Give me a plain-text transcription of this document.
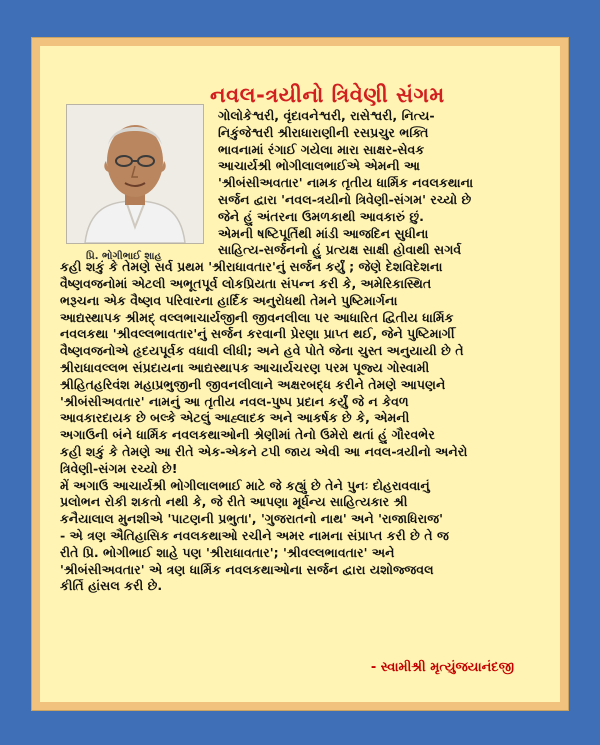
નવલ-ત્રયીનો ત્રિવેણી સંગમ
પ્રિ. ભોગીભાઈ શાહ
ગોલોકેશ્વરી, વૃંદાવનેશ્વરી, રાસેશ્વરી, નિત્ય-
નિકુંજેશ્વરી શ્રીરાધારાણીની રસપ્રચુર ભક્તિ
ભાવનામાં રંગાઈ ગયેલા મારા સાક્ષર-સેવક
આચાર્યશ્રી ભોગીલાલભાઈએ એમની આ
'શ્રીબંસીઅવતાર' નામક તૃતીય ધાર્મિક નવલકથાના
સર્જન દ્વારા 'નવલ-ત્રયીનો ત્રિવેણી-સંગમ' રચ્યો છે
જેને હું અંતરના ઉમળકાથી આવકારું છું.
એમની ષષ્ટિપૂર્તિથી માંડી આજદિન સુધીના
સાહિત્ય-સર્જનનો હું પ્રત્યક્ષ સાક્ષી હોવાથી સગર્વ
કહી શકું કે તેમણે સર્વ પ્રથમ 'શ્રીરાધાવતાર'નું સર્જન કર્યું ; જેણે દેશવિદેશના
વૈષ્ણવજનોમાં એટલી અભૂતપૂર્વ લોકપ્રિયતા સંપન્ન કરી કે, અમેરિકાસ્થિત
ભરૂચના એક વૈષ્ણવ પરિવારના હાર્દિક અનુરોધથી તેમને પુષ્ટિમાર્ગના
આદ્યસ્થાપક શ્રીમદ્ વલ્લભાચાર્યજીની જીવનલીલા પર આધારિત દ્વિતીય ધાર્મિક
નવલકથા 'શ્રીવલ્લભાવતાર'નું સર્જન કરવાની પ્રેરણા પ્રાપ્ત થઈ, જેને પુષ્ટિમાર્ગી
વૈષ્ણવજનોએ હૃદયપૂર્વક વધાવી લીધી; અને હવે પોતે જેના ચુસ્ત અનુયાયી છે તે
શ્રીરાધાવલ્લભ સંપ્રદાયના આદ્યસ્થાપક આચાર્યચરણ પરમ પૂજ્ય ગોસ્વામી
શ્રીહિતહરિવંશ મહાપ્રભુજીની જીવનલીલાને અક્ષરબદ્ધ કરીને તેમણે આપણને
'શ્રીબંસીઅવતાર' નામનું આ તૃતીય નવલ-પુષ્પ પ્રદાન કર્યું જે ન કેવળ
આવકારદાયક છે બલ્કે એટલું આહ્લાદક અને આકર્ષક છે કે, એમની
અગાઉની બંને ધાર્મિક નવલકથાઓની શ્રેણીમાં તેનો ઉમેરો થતાં હું ગૌરવભેર
કહી શકું કે તેમણે આ રીતે એક-એકને ટપી જાય એવી આ નવલ-ત્રયીનો અનેરો
ત્રિવેણી-સંગમ રચ્યો છે!
મેં અગાઉ આચાર્યશ્રી ભોગીલાલભાઈ માટે જે કહ્યું છે તેને પુનઃ દોહરાવવાનું
પ્રલોભન રોકી શકતો નથી કે, જે રીતે આપણા મૂર્ધન્ય સાહિત્યકાર શ્રી
કનૈયાલાલ મુનશીએ 'પાટણની પ્રભુતા', 'ગુજરાતનો નાથ' અને 'રાજાધિરાજ'
- એ ત્રણ ઐતિહાસિક નવલકથાઓ રચીને અમર નામના સંપ્રાપ્ત કરી છે તે જ
રીતે પ્રિ. ભોગીભાઈ શાહે પણ 'શ્રીરાધાવતાર'; 'શ્રીવલ્લભાવતાર' અને
'શ્રીબંસીઅવતાર' એ ત્રણ ધાર્મિક નવલકથાઓના સર્જન દ્વારા યશોજ્જવલ
કીર્તિ હાંસલ કરી છે.
- સ્વામીશ્રી મૃત્યુંજયાનંદજી
